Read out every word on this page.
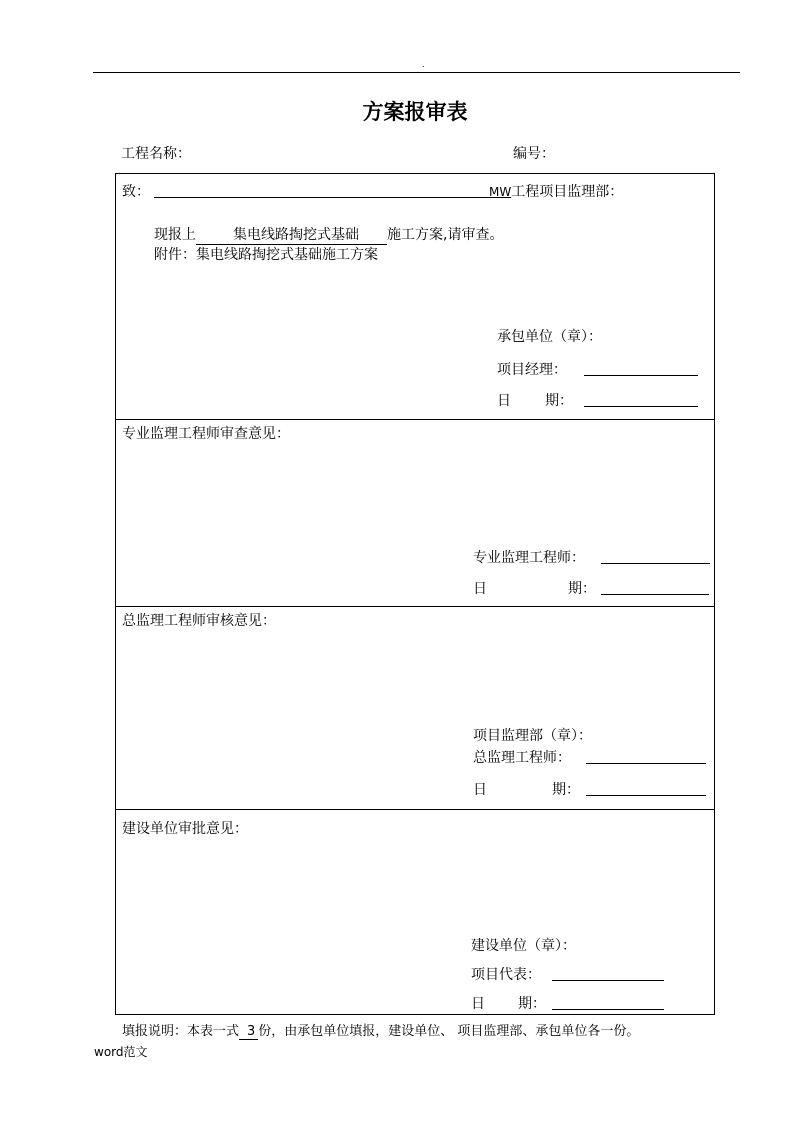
.
方案报审表
工程名称：	编号：
致：	MW工程项目监理部：
现报上	集电线路掏挖式基础 施工方案,请审查。
附件：集电线路掏挖式基础施工方案
承包单位（章）：
项目经理：
日 期：
专业监理工程师审查意见：
专业监理工程师：
日	期：
总监理工程师审核意见：
项目监理部（章）：
总监理工程师：
日	期：
建设单位审批意见：
建设单位（章）：
项目代表：
日 期：
填报说明：本表一式 3 份，由承包单位填报，建设单位、 项目监理部、承包单位各一份。
word范文
